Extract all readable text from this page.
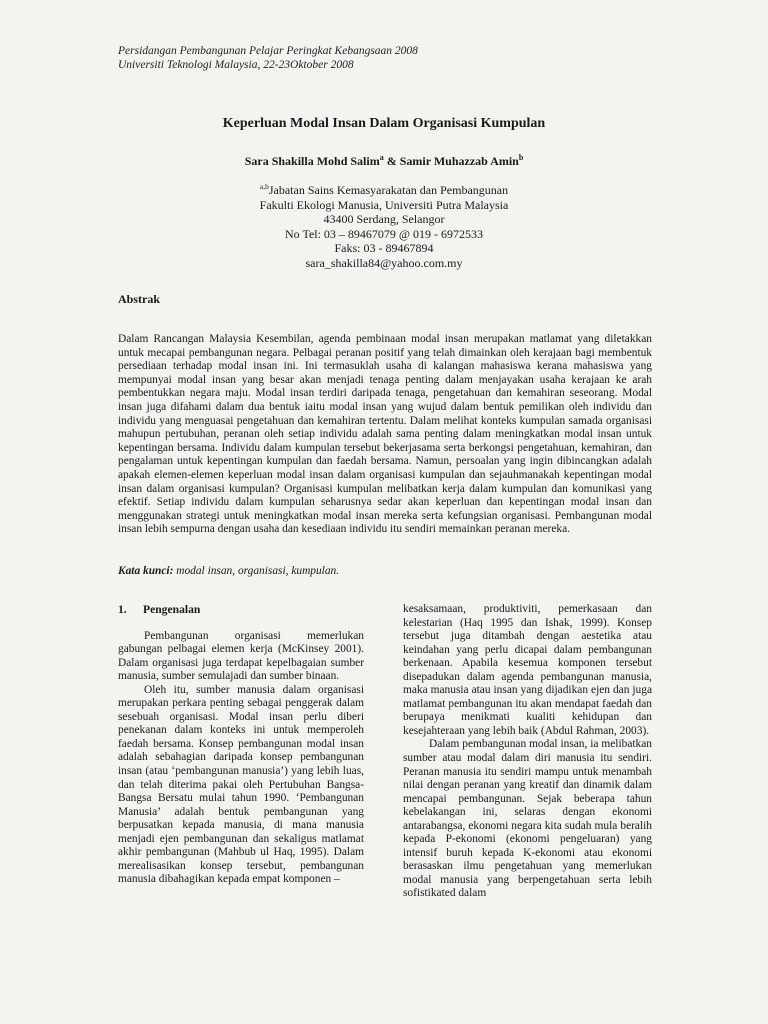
Persidangan Pembangunan Pelajar Peringkat Kebangsaan 2008
Universiti Teknologi Malaysia, 22-23Oktober 2008
Keperluan Modal Insan Dalam Organisasi Kumpulan
Sara Shakilla Mohd Salim$^a$ & Samir Muhazzab Amin$^b$
$^{a,b}$Jabatan Sains Kemasyarakatan dan Pembangunan
Fakulti Ekologi Manusia, Universiti Putra Malaysia
43400 Serdang, Selangor
No Tel: 03 – 89467079 @ 019 - 6972533
Faks: 03 - 89467894
sara_shakilla84@yahoo.com.my
Abstrak
Dalam Rancangan Malaysia Kesembilan, agenda pembinaan modal insan merupakan matlamat yang diletakkan untuk mecapai pembangunan negara. Pelbagai peranan positif yang telah dimainkan oleh kerajaan bagi membentuk persediaan terhadap modal insan ini. Ini termasuklah usaha di kalangan mahasiswa kerana mahasiswa yang mempunyai modal insan yang besar akan menjadi tenaga penting dalam menjayakan usaha kerajaan ke arah pembentukkan negara maju. Modal insan terdiri daripada tenaga, pengetahuan dan kemahiran seseorang. Modal insan juga difahami dalam dua bentuk iaitu modal insan yang wujud dalam bentuk pemilikan oleh individu dan individu yang menguasai pengetahuan dan kemahiran tertentu. Dalam melihat konteks kumpulan samada organisasi mahupun pertubuhan, peranan oleh setiap individu adalah sama penting dalam meningkatkan modal insan untuk kepentingan bersama. Individu dalam kumpulan tersebut bekerjasama serta berkongsi pengetahuan, kemahiran, dan pengalaman untuk kepentingan kumpulan dan faedah bersama. Namun, persoalan yang ingin dibincangkan adalah apakah elemen-elemen keperluan modal insan dalam organisasi kumpulan dan sejauhmanakah kepentingan modal insan dalam organisasi kumpulan? Organisasi kumpulan melibatkan kerja dalam kumpulan dan komunikasi yang efektif. Setiap individu dalam kumpulan seharusnya sedar akan keperluan dan kepentingan modal insan dan menggunakan strategi untuk meningkatkan modal insan mereka serta kefungsian organisasi. Pembangunan modal insan lebih sempurna dengan usaha dan kesediaan individu itu sendiri memainkan peranan mereka.
Kata kunci: modal insan, organisasi, kumpulan.
1. Pengenalan

Pembangunan organisasi memerlukan gabungan pelbagai elemen kerja (McKinsey 2001). Dalam organisasi juga terdapat kepelbagaian sumber manusia, sumber semulajadi dan sumber binaan.

Oleh itu, sumber manusia dalam organisasi merupakan perkara penting sebagai penggerak dalam sesebuah organisasi. Modal insan perlu diberi penekanan dalam konteks ini untuk memperoleh faedah bersama. Konsep pembangunan modal insan adalah sebahagian daripada konsep pembangunan insan (atau ‘pembangunan manusia’) yang lebih luas, dan telah diterima pakai oleh Pertubuhan Bangsa-Bangsa Bersatu mulai tahun 1990. ‘Pembangunan Manusia’ adalah bentuk pembangunan yang berpusatkan kepada manusia, di mana manusia menjadi ejen pembangunan dan sekaligus matlamat akhir pembangunan (Mahbub ul Haq, 1995). Dalam merealisasikan konsep tersebut, pembangunan manusia dibahagikan kepada empat komponen –

kesaksamaan, produktiviti, pemerkasaan dan kelestarian (Haq 1995 dan Ishak, 1999). Konsep tersebut juga ditambah dengan aestetika atau keindahan yang perlu dicapai dalam pembangunan berkenaan. Apabila kesemua komponen tersebut disepadukan dalam agenda pembangunan manusia, maka manusia atau insan yang dijadikan ejen dan juga matlamat pembangunan itu akan mendapat faedah dan berupaya menikmati kualiti kehidupan dan kesejahteraan yang lebih baik (Abdul Rahman, 2003).

Dalam pembangunan modal insan, ia melibatkan sumber atau modal dalam diri manusia itu sendiri. Peranan manusia itu sendiri mampu untuk menambah nilai dengan peranan yang kreatif dan dinamik dalam mencapai pembangunan. Sejak beberapa tahun kebelakangan ini, selaras dengan ekonomi antarabangsa, ekonomi negara kita sudah mula beralih kepada P-ekonomi (ekonomi pengeluaran) yang intensif buruh kepada K-ekonomi atau ekonomi berasaskan ilmu pengetahuan yang memerlukan modal manusia yang berpengetahuan serta lebih sofistikated dalam
